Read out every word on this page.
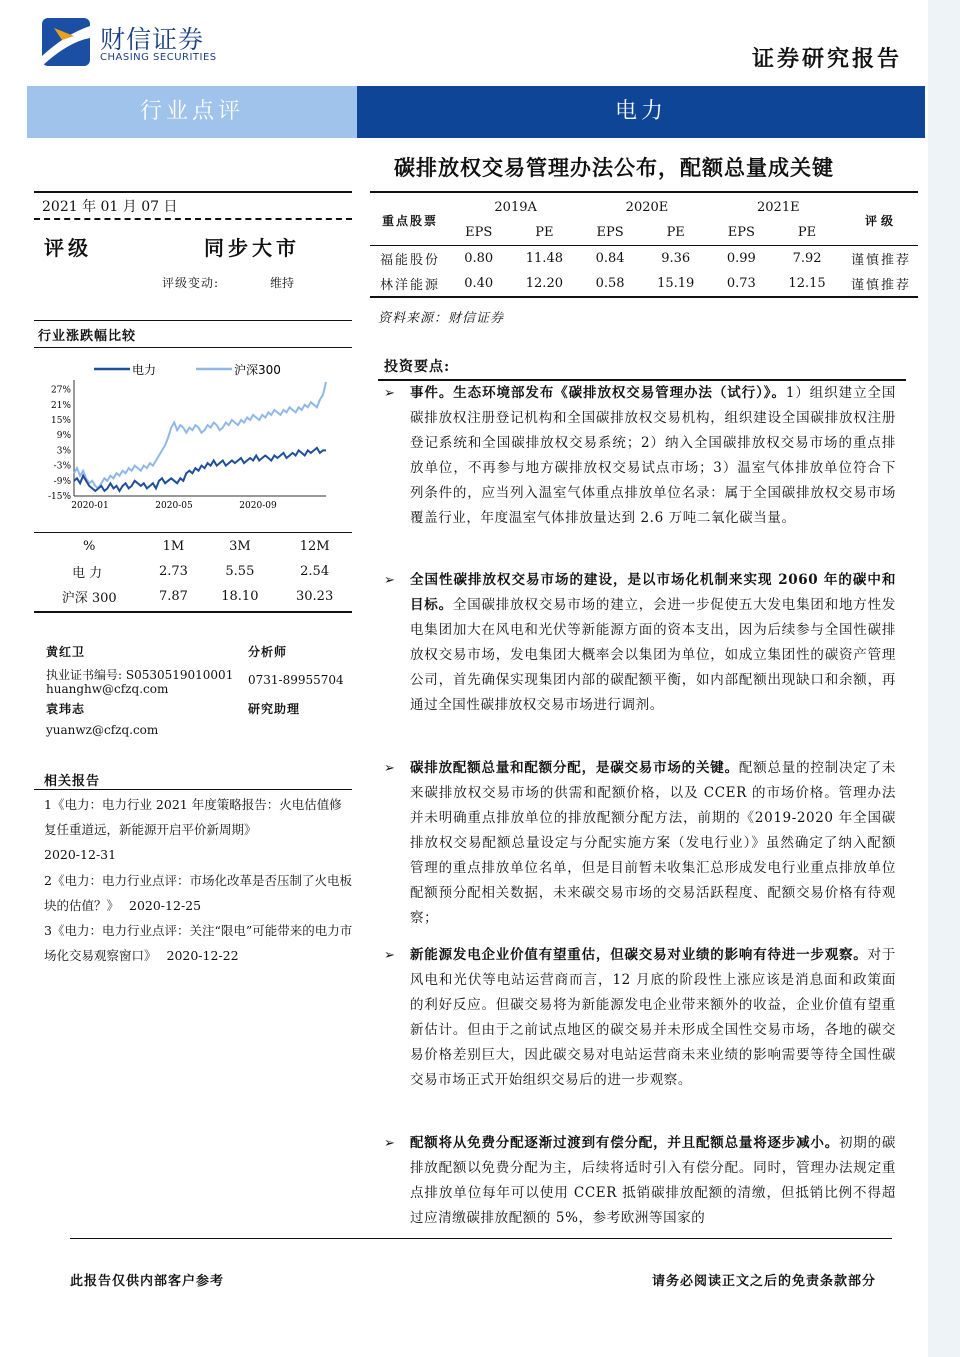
财信证券
CHASING SECURITIES	证券研究报告
行业点评	电力
碳排放权交易管理办法公布，配额总量成关键
2021 年 01 月 07 日
评级	同步大市
评级变动:	维持
行业涨跌幅比较
电力	沪深300
27%
21%
15%
9%
3%
-3%
-9%
-15%
2020-01	2020-05	2020-09
%	1M	3M	12M
电力	2.73	5.55	2.54
沪深 300	7.87	18.10	30.23
黄红卫	分析师
执业证书编号: S0530519010001
huanghw@cfzq.com
0731-89955704
袁玮志	研究助理
yuanwz@cfzq.com
相关报告
1《电力：电力行业 2021 年度策略报告：火电估值修复任重道远，新能源开启平价新周期》
2020-12-31
2《电力：电力行业点评：市场化改革是否压制了火电板块的估值？》 2020-12-25
3《电力：电力行业点评：关注“限电”可能带来的电力市场化交易观察窗口》 2020-12-22
重点股票	2019A		2020E		2021E		评级
	EPS	PE	EPS	PE	EPS	PE	
福能股份	0.80	11.48	0.84	9.36	0.99	7.92	谨慎推荐
林洋能源	0.40	12.20	0.58	15.19	0.73	12.15	谨慎推荐
资料来源：财信证券
投资要点:
➢ 事件。生态环境部发布《碳排放权交易管理办法（试行）》。1）组织建立全国碳排放权注册登记机构和全国碳排放权交易机构，组织建设全国碳排放权注册登记系统和全国碳排放权交易系统；2）纳入全国碳排放权交易市场的重点排放单位，不再参与地方碳排放权交易试点市场；3）温室气体排放单位符合下列条件的，应当列入温室气体重点排放单位名录：属于全国碳排放权交易市场覆盖行业，年度温室气体排放量达到 2.6 万吨二氧化碳当量。
➢ 全国性碳排放权交易市场的建设，是以市场化机制来实现 2060 年的碳中和目标。全国碳排放权交易市场的建立，会进一步促使五大发电集团和地方性发电集团加大在风电和光伏等新能源方面的资本支出，因为后续参与全国性碳排放权交易市场，发电集团大概率会以集团为单位，如成立集团性的碳资产管理公司，首先确保实现集团内部的碳配额平衡，如内部配额出现缺口和余额，再通过全国性碳排放权交易市场进行调剂。
➢ 碳排放配额总量和配额分配，是碳交易市场的关键。配额总量的控制决定了未来碳排放权交易市场的供需和配额价格，以及 CCER 的市场价格。管理办法并未明确重点排放单位的排放配额分配方法，前期的《2019-2020 年全国碳排放权交易配额总量设定与分配实施方案（发电行业）》虽然确定了纳入配额管理的重点排放单位名单，但是目前暂未收集汇总形成发电行业重点排放单位配额预分配相关数据，未来碳交易市场的交易活跃程度、配额交易价格有待观察；
➢ 新能源发电企业价值有望重估，但碳交易对业绩的影响有待进一步观察。对于风电和光伏等电站运营商而言，12 月底的阶段性上涨应该是消息面和政策面的利好反应。但碳交易将为新能源发电企业带来额外的收益，企业价值有望重新估计。但由于之前试点地区的碳交易并未形成全国性交易市场，各地的碳交易价格差别巨大，因此碳交易对电站运营商未来业绩的影响需要等待全国性碳交易市场正式开始组织交易后的进一步观察。
➢ 配额将从免费分配逐渐过渡到有偿分配，并且配额总量将逐步减小。初期的碳排放配额以免费分配为主，后续将适时引入有偿分配。同时，管理办法规定重点排放单位每年可以使用 CCER 抵销碳排放配额的清缴，但抵销比例不得超过应清缴碳排放配额的 5%，参考欧洲等国家的
此报告仅供内部客户参考	请务必阅读正文之后的免责条款部分
